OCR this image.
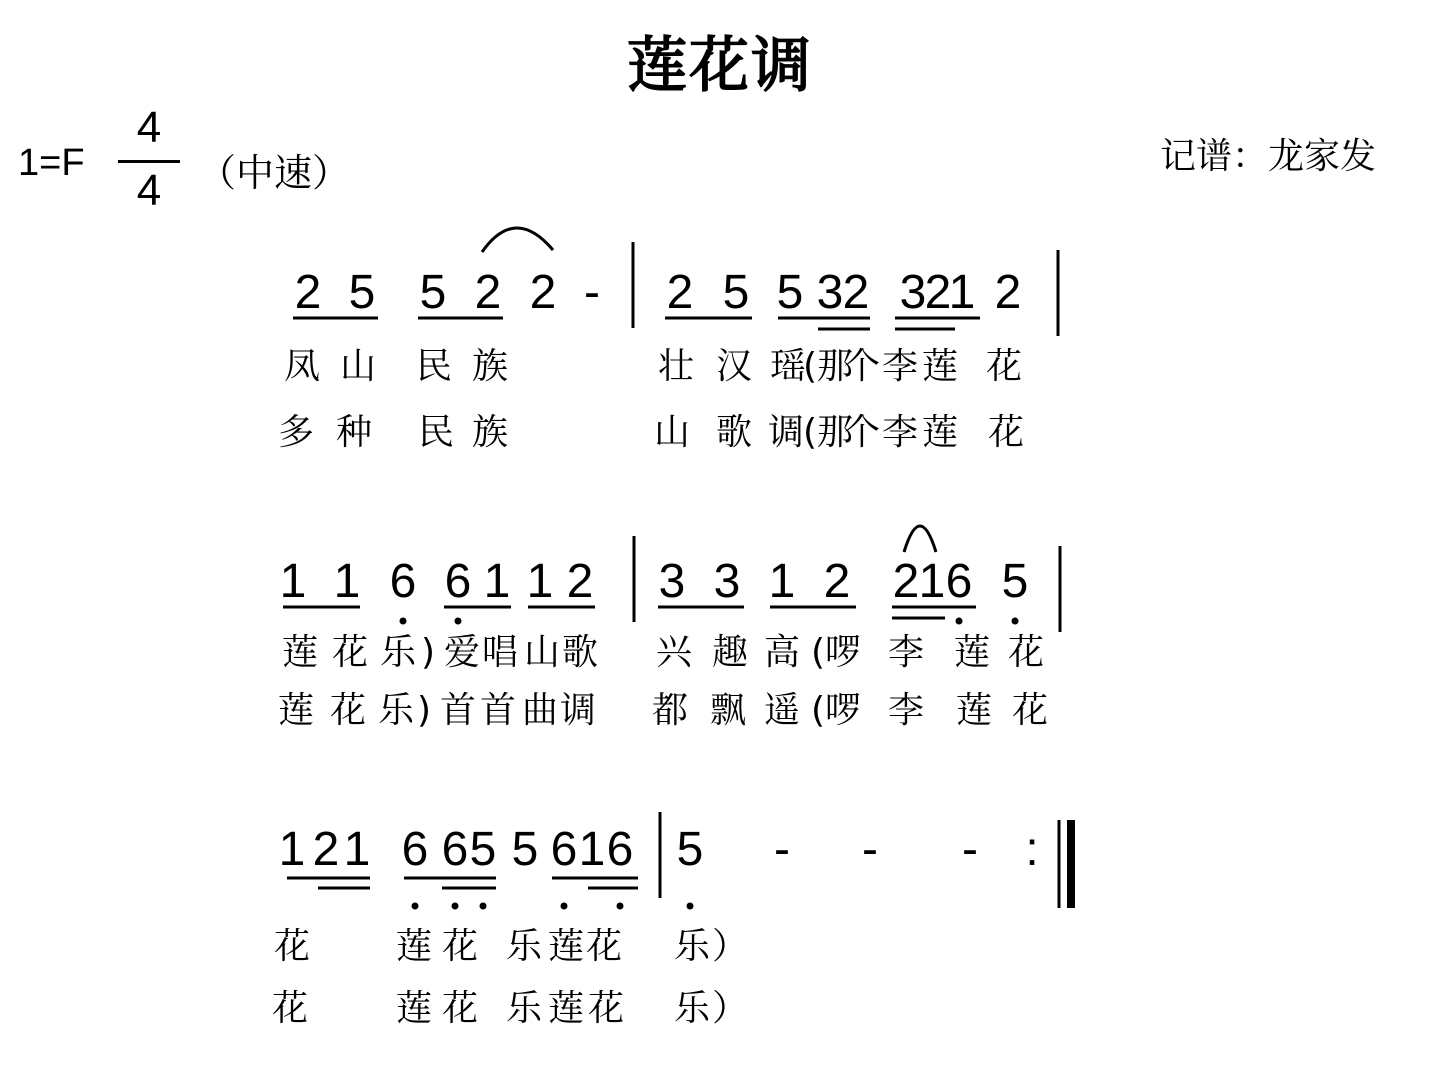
莲花调
1=F
4
4 （中速）	记谱：龙家发
2 5 5 2 2 - 2 5 5 3 2 3
2
1 2
凤 山 民 族	壮 汉 瑶
(那
个 李 莲 花
多 种 民 族	山 歌 调
(那
个 李 莲 花
1 1 6 6 1 1 2 3 3 1 2 2 1 6 5
莲 花 乐 ) 爱 唱 山 歌 兴 趣 高 (啰 李 莲 花
莲 花 乐 ) 首 首 曲 调 都 飘 遥 (啰 李 莲 花
1 2 1 6 6 5 5 6 1 6 5 - - - :
花 莲 花 乐 莲 花 乐 ）
花 莲 花 乐 莲 花 乐 ）
